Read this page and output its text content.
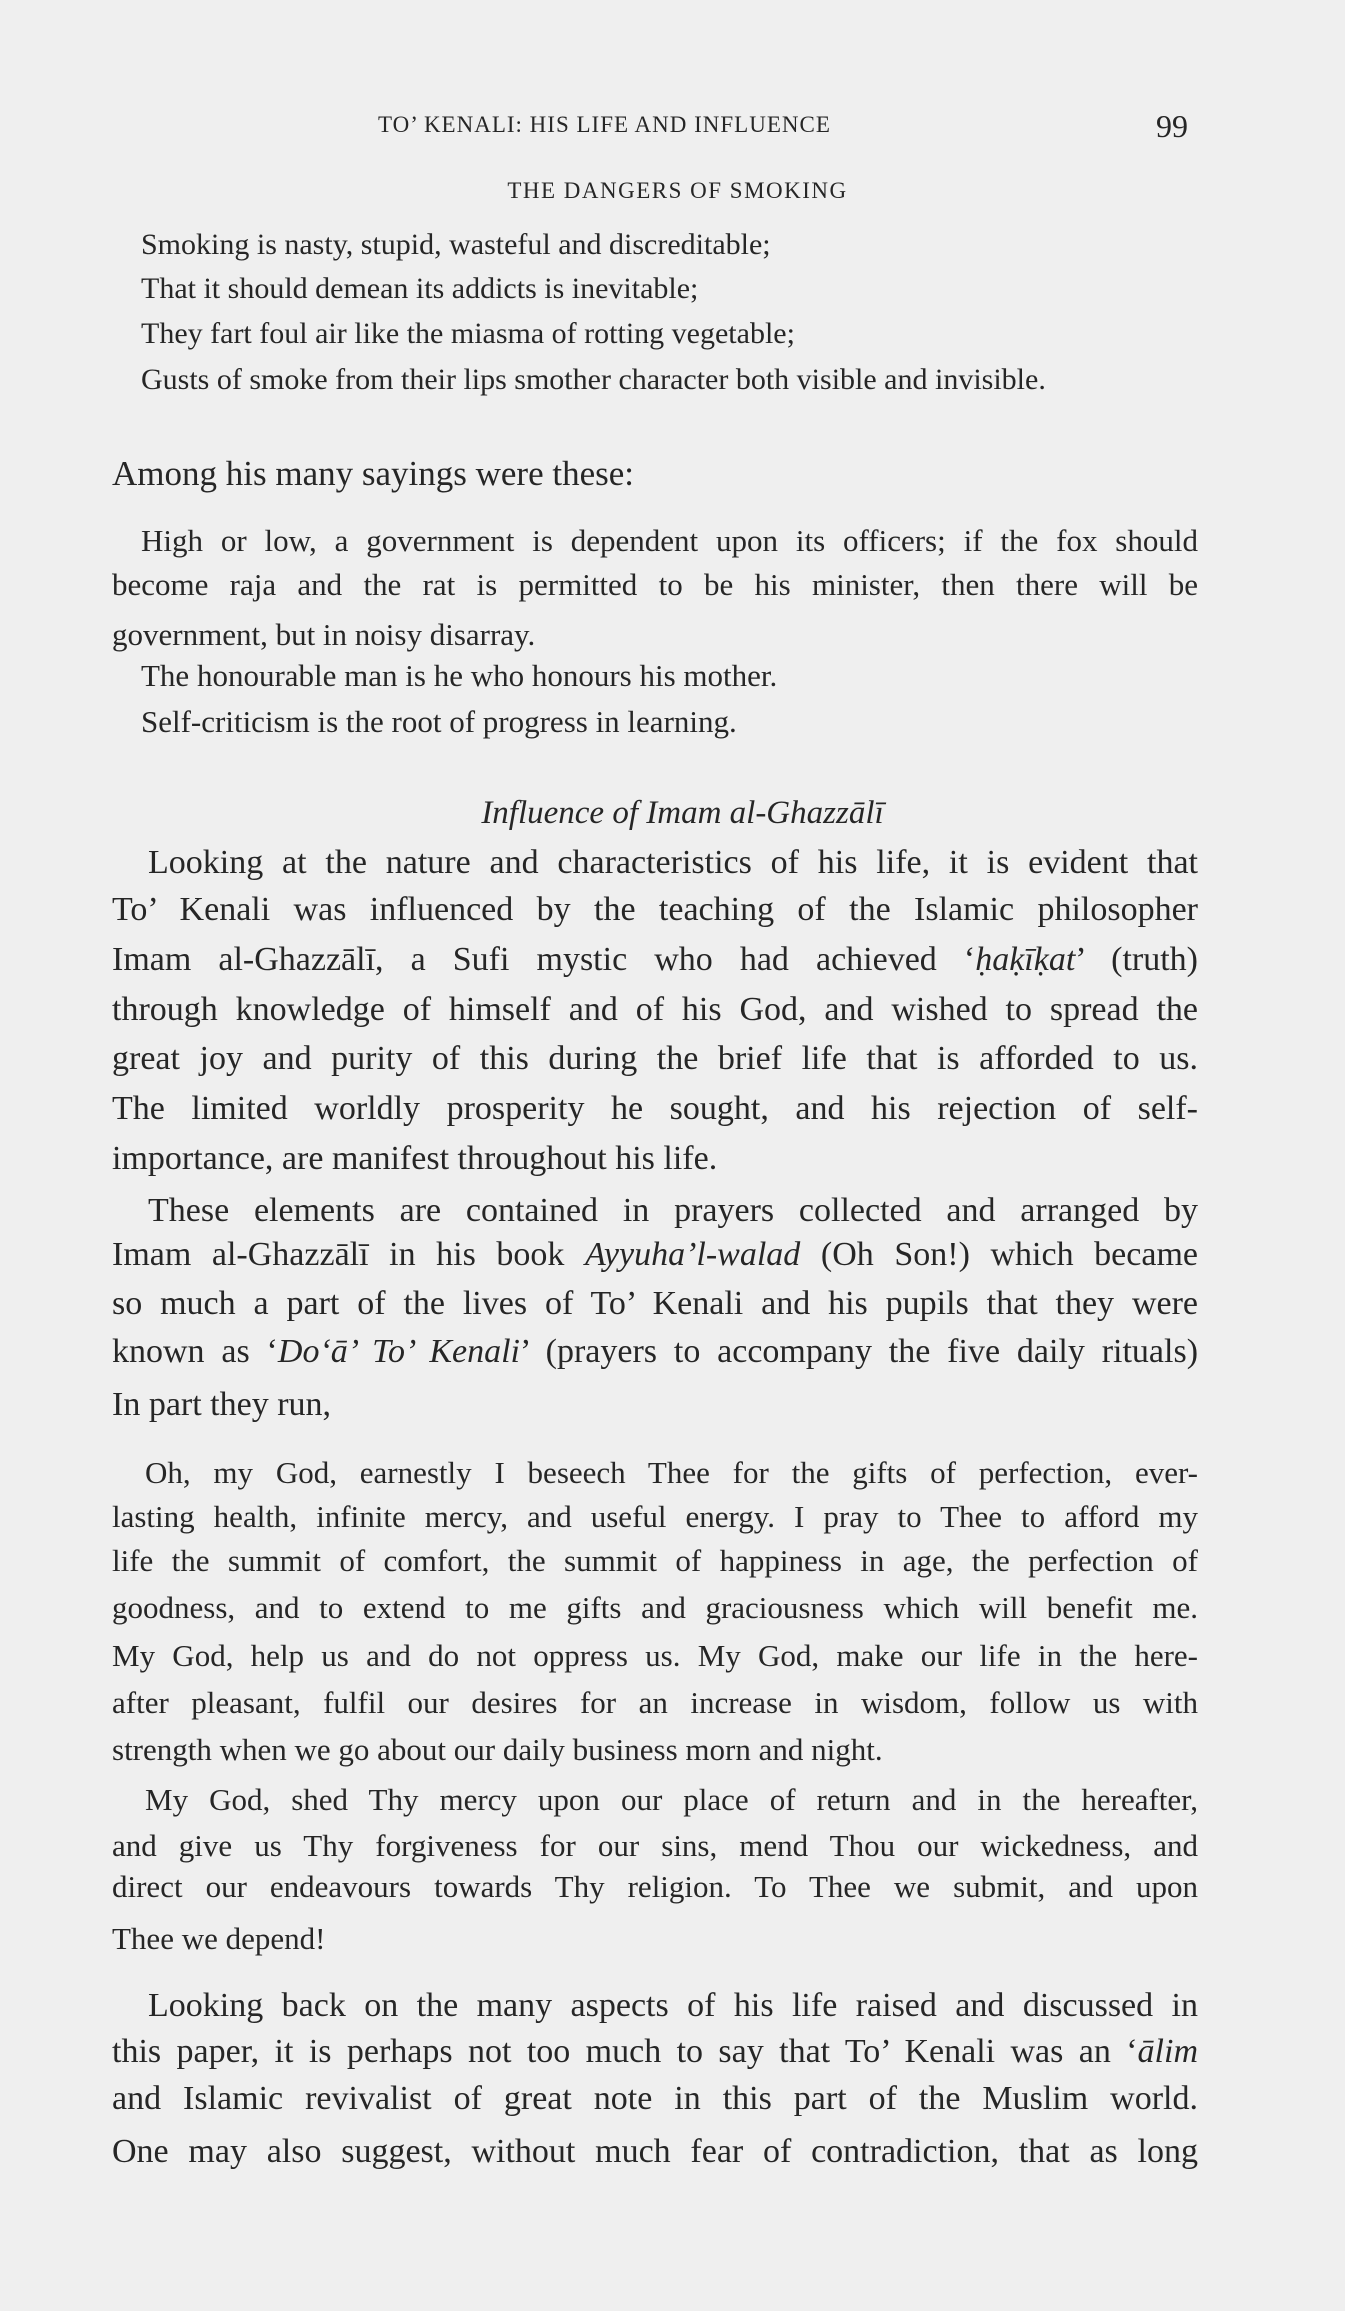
TO’ KENALI: HIS LIFE AND INFLUENCE	99
THE DANGERS OF SMOKING
Influence of Imam al-Ghazzālī
Smoking is nasty, stupid, wasteful and discreditable;
That it should demean its addicts is inevitable;
They fart foul air like the miasma of rotting vegetable;
Gusts of smoke from their lips smother character both visible and invisible.
Among his many sayings were these:
High or low, a government is dependent upon its officers; if the fox should
become raja and the rat is permitted to be his minister, then there will be
government, but in noisy disarray.
The honourable man is he who honours his mother.
Self-criticism is the root of progress in learning.
Looking at the nature and characteristics of his life, it is evident that
To’ Kenali was influenced by the teaching of the Islamic philosopher
Imam al-Ghazzālī, a Sufi mystic who had achieved ‘ḥaḳīḳat’ (truth)
through knowledge of himself and of his God, and wished to spread the
great joy and purity of this during the brief life that is afforded to us.
The limited worldly prosperity he sought, and his rejection of self-
importance, are manifest throughout his life.
These elements are contained in prayers collected and arranged by
Imam al-Ghazzālī in his book Ayyuha’l-walad (Oh Son!) which became
so much a part of the lives of To’ Kenali and his pupils that they were
known as ‘Do‘ā’ To’ Kenali’ (prayers to accompany the five daily rituals)
In part they run,
Oh, my God, earnestly I beseech Thee for the gifts of perfection, ever-
lasting health, infinite mercy, and useful energy. I pray to Thee to afford my
life the summit of comfort, the summit of happiness in age, the perfection of
goodness, and to extend to me gifts and graciousness which will benefit me.
My God, help us and do not oppress us. My God, make our life in the here-
after pleasant, fulfil our desires for an increase in wisdom, follow us with
strength when we go about our daily business morn and night.
My God, shed Thy mercy upon our place of return and in the hereafter,
and give us Thy forgiveness for our sins, mend Thou our wickedness, and
direct our endeavours towards Thy religion. To Thee we submit, and upon
Thee we depend!
Looking back on the many aspects of his life raised and discussed in
this paper, it is perhaps not too much to say that To’ Kenali was an ‘ālim
and Islamic revivalist of great note in this part of the Muslim world.
One may also suggest, without much fear of contradiction, that as long
